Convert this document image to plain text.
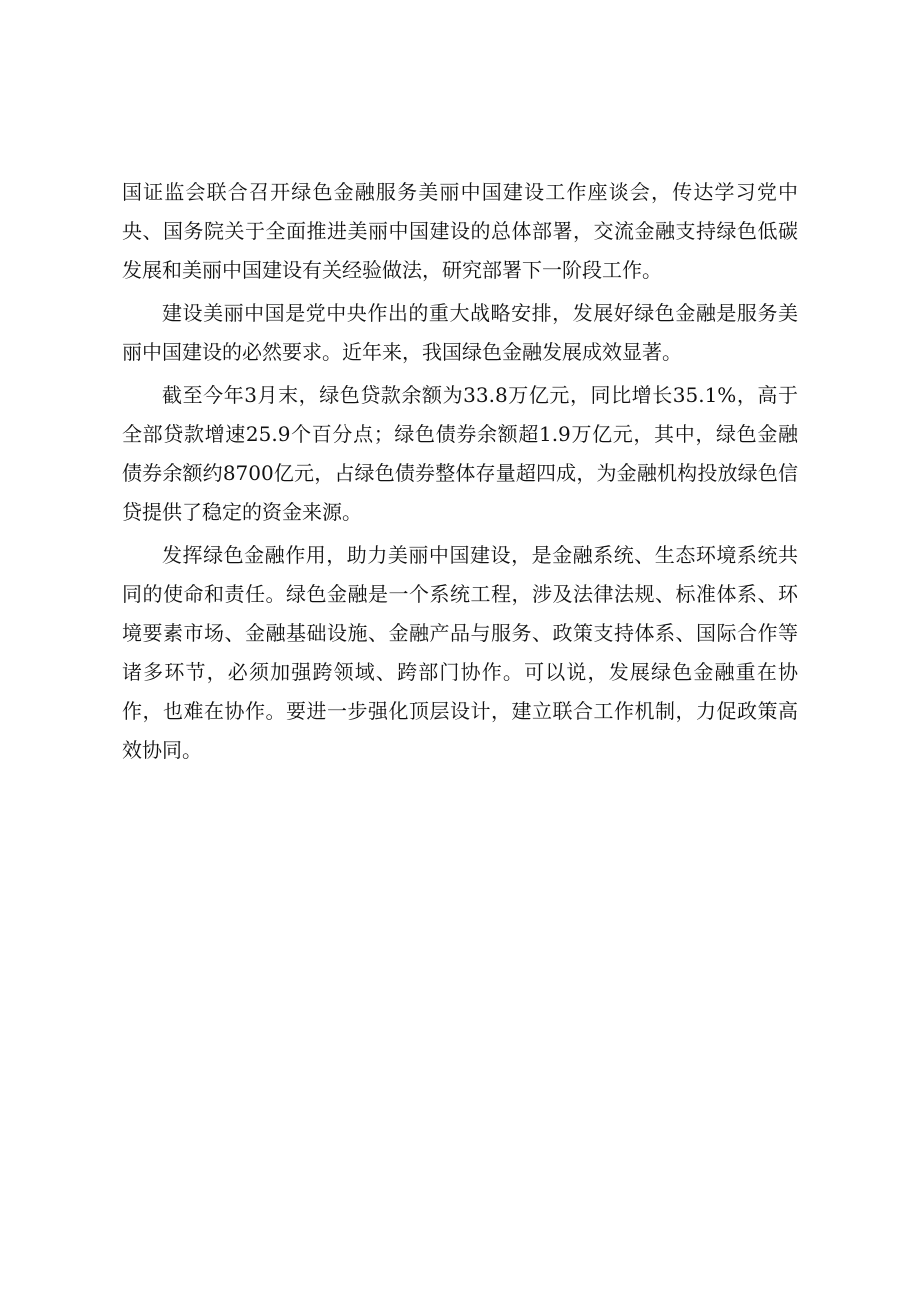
国证监会联合召开绿色金融服务美丽中国建设工作座谈会，传达学习党中央、国务院关于全面推进美丽中国建设的总体部署，交流金融支持绿色低碳发展和美丽中国建设有关经验做法，研究部署下一阶段工作。

建设美丽中国是党中央作出的重大战略安排，发展好绿色金融是服务美丽中国建设的必然要求。近年来，我国绿色金融发展成效显著。

截至今年3月末，绿色贷款余额为33.8万亿元，同比增长35.1%，高于全部贷款增速25.9个百分点；绿色债券余额超1.9万亿元，其中，绿色金融债券余额约8700亿元，占绿色债券整体存量超四成，为金融机构投放绿色信贷提供了稳定的资金来源。

发挥绿色金融作用，助力美丽中国建设，是金融系统、生态环境系统共同的使命和责任。绿色金融是一个系统工程，涉及法律法规、标准体系、环境要素市场、金融基础设施、金融产品与服务、政策支持体系、国际合作等诸多环节，必须加强跨领域、跨部门协作。可以说，发展绿色金融重在协作，也难在协作。要进一步强化顶层设计，建立联合工作机制，力促政策高效协同。
